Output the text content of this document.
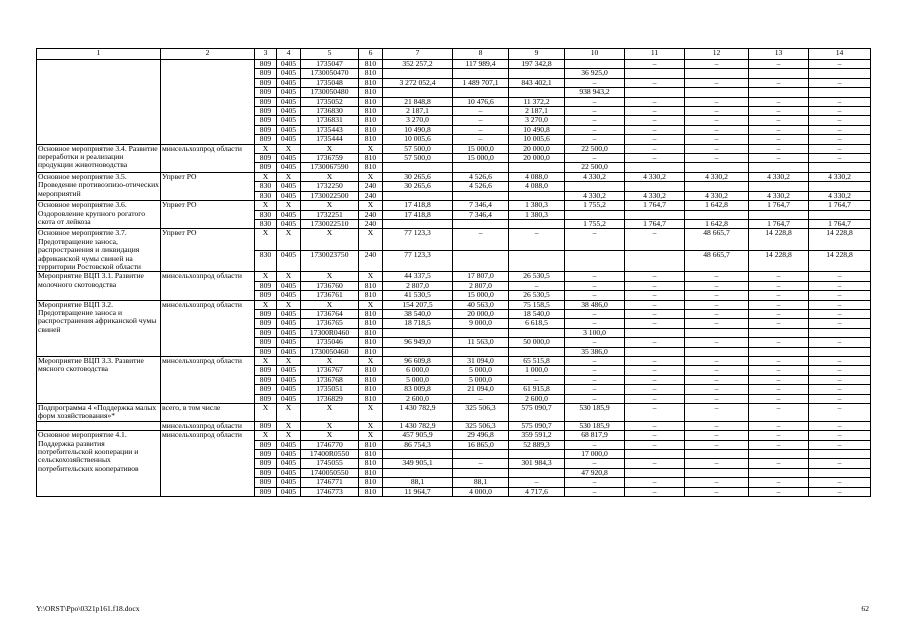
1	2	3	4	5	6	7	8	9	10	11	12	13	14
		809	0405	1735047	810	352 257,2	117 989,4	197 342,8		–	–	–	–
		809	0405	1730050470	810				36 925,0				
		809	0405	1735048	810	3 272 052,4	1 489 707,1	843 402,1	–	–	–	–	–
		809	0405	1730050480	810				938 943,2				
		809	0405	1735052	810	21 848,8	10 476,6	11 372,2	–	–	–	–	–
		809	0405	1736830	810	2 187,1	–	2 187,1	–	–	–	–	–
		809	0405	1736831	810	3 270,0	–	3 270,0	–	–	–	–	–
		809	0405	1735443	810	10 490,8	–	10 490,8	–	–	–	–	–
		809	0405	1735444	810	10 005,6	–	10 005,6	–	–	–	–	–
Основное мероприятие 3.4. Развитие переработки и реализации продукции животноводства	минсельхозпрод области	Х	Х	Х	Х	57 500,0	15 000,0	20 000,0	22 500,0	–	–	–	–
		809	0405	1736759	810	57 500,0	15 000,0	20 000,0	–	–	–	–	–
		809	0405	1730067590	810				22 500,0				
Основное мероприятие 3.5. Проведение противоэпизо-отических мероприятий	Упрвет РО	Х	Х	Х	Х	30 265,6	4 526,6	4 088,0	4 330,2	4 330,2	4 330,2	4 330,2	4 330,2
		830	0405	1732250	240	30 265,6	4 526,6	4 088,0					
		830	0405	1730022500	240				4 330,2	4 330,2	4 330,2	4 330,2	4 330,2
Основное мероприятие 3.6. Оздоровление крупного рогатого скота от лейкоза	Упрвет РО	Х	Х	Х	Х	17 418,8	7 346,4	1 380,3	1 755,2	1 764,7	1 642,8	1 764,7	1 764,7
		830	0405	1732251	240	17 418,8	7 346,4	1 380,3					
		830	0405	1730022510	240				1 755,2	1 764,7	1 642,8	1 764,7	1 764,7
Основное мероприятие 3.7. Предотвращение заноса, распространения и ликвидация африканской чумы свиней на территории Ростовской области	Упрвет РО	Х	Х	Х	Х	77 123,3	–	–	–	–	48 665,7	14 228,8	14 228,8
		830	0405	1730023750	240	77 123,3					48 665,7	14 228,8	14 228,8
Мероприятие ВЦП 3.1. Развитие молочного скотоводства	минсельхозпрод области	Х	Х	Х	Х	44 337,5	17 807,0	26 530,5	–	–	–	–	–
		809	0405	1736760	810	2 807,0	2 807,0	–	–	–	–	–	–
		809	0405	1736761	810	41 530,5	15 000,0	26 530,5	–	–	–	–	–
Мероприятие ВЦП 3.2. Предотвращение заноса и распространения африканской чумы свиней	минсельхозпрод области	Х	Х	Х	Х	154 207,5	40 563,0	75 158,5	38 486,0	–	–	–	–
		809	0405	1736764	810	38 540,0	20 000,0	18 540,0	–	–	–	–	–
		809	0405	1736765	810	18 718,5	9 000,0	6 618,5	–	–	–	–	–
		809	0405	17300R0460	810				3 100,0				
		809	0405	1735046	810	96 949,0	11 563,0	50 000,0	–	–	–	–	–
		809	0405	1730050460	810				35 386,0				
Мероприятие ВЦП 3.3. Развитие мясного скотоводства	минсельхозпрод области	Х	Х	Х	Х	96 609,8	31 094,0	65 515,8	–	–	–	–	–
		809	0405	1736767	810	6 000,0	5 000,0	1 000,0	–	–	–	–	–
		809	0405	1736768	810	5 000,0	5 000,0	–	–	–	–	–	–
		809	0405	1735051	810	83 009,8	21 094,0	61 915,8	–	–	–	–	–
		809	0405	1736829	810	2 600,0	–	2 600,0	–	–	–	–	–
Подпрограмма 4 «Поддержка малых форм хозяйствования»*	всего, в том числе	Х	Х	Х	Х	1 430 782,9	325 506,3	575 090,7	530 185,9	–	–	–	–
	минсельхозпрод области	809	Х	Х	Х	1 430 782,9	325 506,3	575 090,7	530 185,9	–	–	–	–
Основное мероприятие 4.1. Поддержка развития потребительской кооперации и сельскохозяйственных потребительских кооперативов	минсельхозпрод области	Х	Х	Х	Х	457 905,9	29 496,8	359 591,2	68 817,9	–	–	–	–
		809	0405	1746770	810	86 754,3	16 865,0	52 889,3	–	–	–	–	–
		809	0405	17400R0550	810				17 000,0				
		809	0405	1745055	810	349 905,1	–	301 984,3	–	–	–	–	–
		809	0405	1740050550	810				47 920,8				
		809	0405	1746771	810	88,1	88,1	–	–	–	–	–	–
		809	0405	1746773	810	11 964,7	4 000,0	4 717,6	–	–	–	–	–
Y:\ORST\Ppo\0321p161.f18.docx	62
